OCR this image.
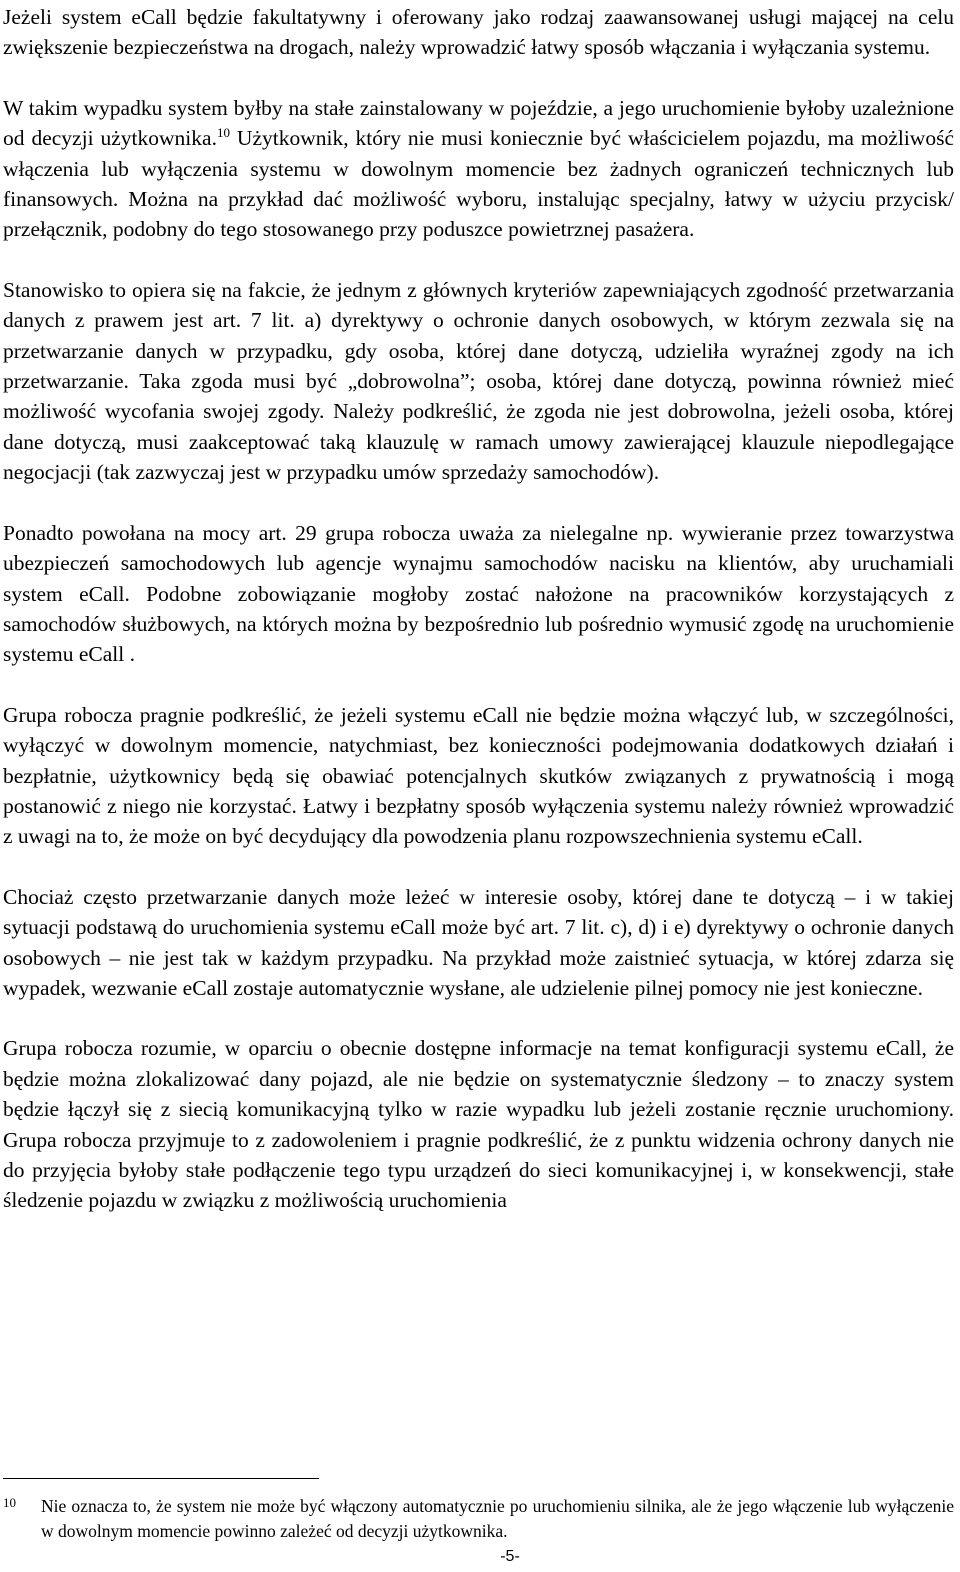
Jeżeli system eCall będzie fakultatywny i oferowany jako rodzaj zaawansowanej usługi mającej na celu zwiększenie bezpieczeństwa na drogach, należy wprowadzić łatwy sposób włączania i wyłączania systemu.

W takim wypadku system byłby na stałe zainstalowany w pojeździe, a jego uruchomienie byłoby uzależnione od decyzji użytkownika.$^{10}$ Użytkownik, który nie musi koniecznie być właścicielem pojazdu, ma możliwość włączenia lub wyłączenia systemu w dowolnym momencie bez żadnych ograniczeń technicznych lub finansowych. Można na przykład dać możliwość wyboru, instalując specjalny, łatwy w użyciu przycisk/ przełącznik, podobny do tego stosowanego przy poduszce powietrznej pasażera.

Stanowisko to opiera się na fakcie, że jednym z głównych kryteriów zapewniających zgodność przetwarzania danych z prawem jest art. 7 lit. a) dyrektywy o ochronie danych osobowych, w którym zezwala się na przetwarzanie danych w przypadku, gdy osoba, której dane dotyczą, udzieliła wyraźnej zgody na ich przetwarzanie. Taka zgoda musi być „dobrowolna”; osoba, której dane dotyczą, powinna również mieć możliwość wycofania swojej zgody. Należy podkreślić, że zgoda nie jest dobrowolna, jeżeli osoba, której dane dotyczą, musi zaakceptować taką klauzulę w ramach umowy zawierającej klauzule niepodlegające negocjacji (tak zazwyczaj jest w przypadku umów sprzedaży samochodów).

Ponadto powołana na mocy art. 29 grupa robocza uważa za nielegalne np. wywieranie przez towarzystwa ubezpieczeń samochodowych lub agencje wynajmu samochodów nacisku na klientów, aby uruchamiali system eCall. Podobne zobowiązanie mogłoby zostać nałożone na pracowników korzystających z samochodów służbowych, na których można by bezpośrednio lub pośrednio wymusić zgodę na uruchomienie systemu eCall .

Grupa robocza pragnie podkreślić, że jeżeli systemu eCall nie będzie można włączyć lub, w szczególności, wyłączyć w dowolnym momencie, natychmiast, bez konieczności podejmowania dodatkowych działań i bezpłatnie, użytkownicy będą się obawiać potencjalnych skutków związanych z prywatnością i mogą postanowić z niego nie korzystać. Łatwy i bezpłatny sposób wyłączenia systemu należy również wprowadzić z uwagi na to, że może on być decydujący dla powodzenia planu rozpowszechnienia systemu eCall.

Chociaż często przetwarzanie danych może leżeć w interesie osoby, której dane te dotyczą – i w takiej sytuacji podstawą do uruchomienia systemu eCall może być art. 7 lit. c), d) i e) dyrektywy o ochronie danych osobowych – nie jest tak w każdym przypadku. Na przykład może zaistnieć sytuacja, w której zdarza się wypadek, wezwanie eCall zostaje automatycznie wysłane, ale udzielenie pilnej pomocy nie jest konieczne.

Grupa robocza rozumie, w oparciu o obecnie dostępne informacje na temat konfiguracji systemu eCall, że będzie można zlokalizować dany pojazd, ale nie będzie on systematycznie śledzony – to znaczy system będzie łączył się z siecią komunikacyjną tylko w razie wypadku lub jeżeli zostanie ręcznie uruchomiony. Grupa robocza przyjmuje to z zadowoleniem i pragnie podkreślić, że z punktu widzenia ochrony danych nie do przyjęcia byłoby stałe podłączenie tego typu urządzeń do sieci komunikacyjnej i, w konsekwencji, stałe śledzenie pojazdu w związku z możliwością uruchomienia

10	Nie oznacza to, że system nie może być włączony automatycznie po uruchomieniu silnika, ale że jego włączenie lub wyłączenie w dowolnym momencie powinno zależeć od decyzji użytkownika.
-5-
